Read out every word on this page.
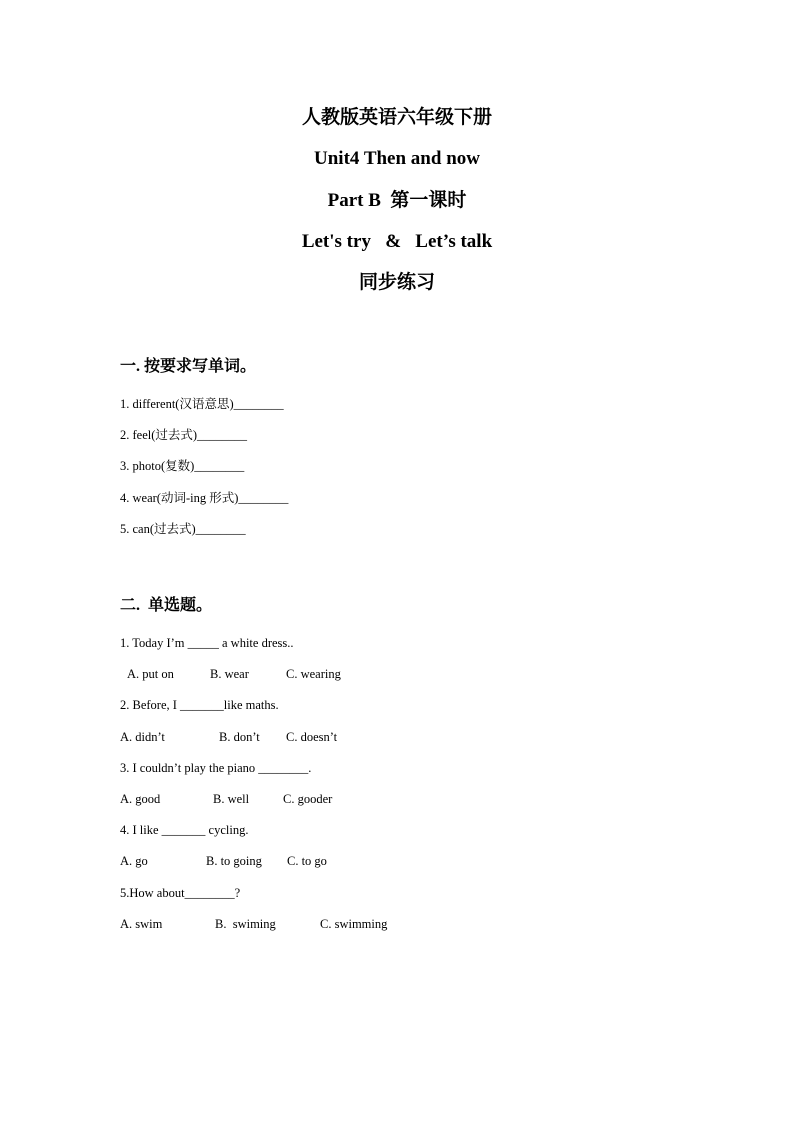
人教版英语六年级下册
Unit4 Then and now
Part B  第一课时
Let's try   &   Let’s talk
同步练习
一. 按要求写单词。
1. different(汉语意思)________
2. feel(过去式)________
3. photo(复数)________
4. wear(动词-ing 形式)________
5. can(过去式)________
二.  单选题。
1. Today I’m _____ a white dress..
A. put on	B. wear	C. wearing
2. Before, I _______like maths.
A. didn’t	B. don’t C. doesn’t
3. I couldn’t play the piano ________.
A. good	B. well	C. gooder
4. I like _______ cycling.
A. go	B. to going C. to go
5.How about________?
A. swim	B.  swiming	C. swimming
